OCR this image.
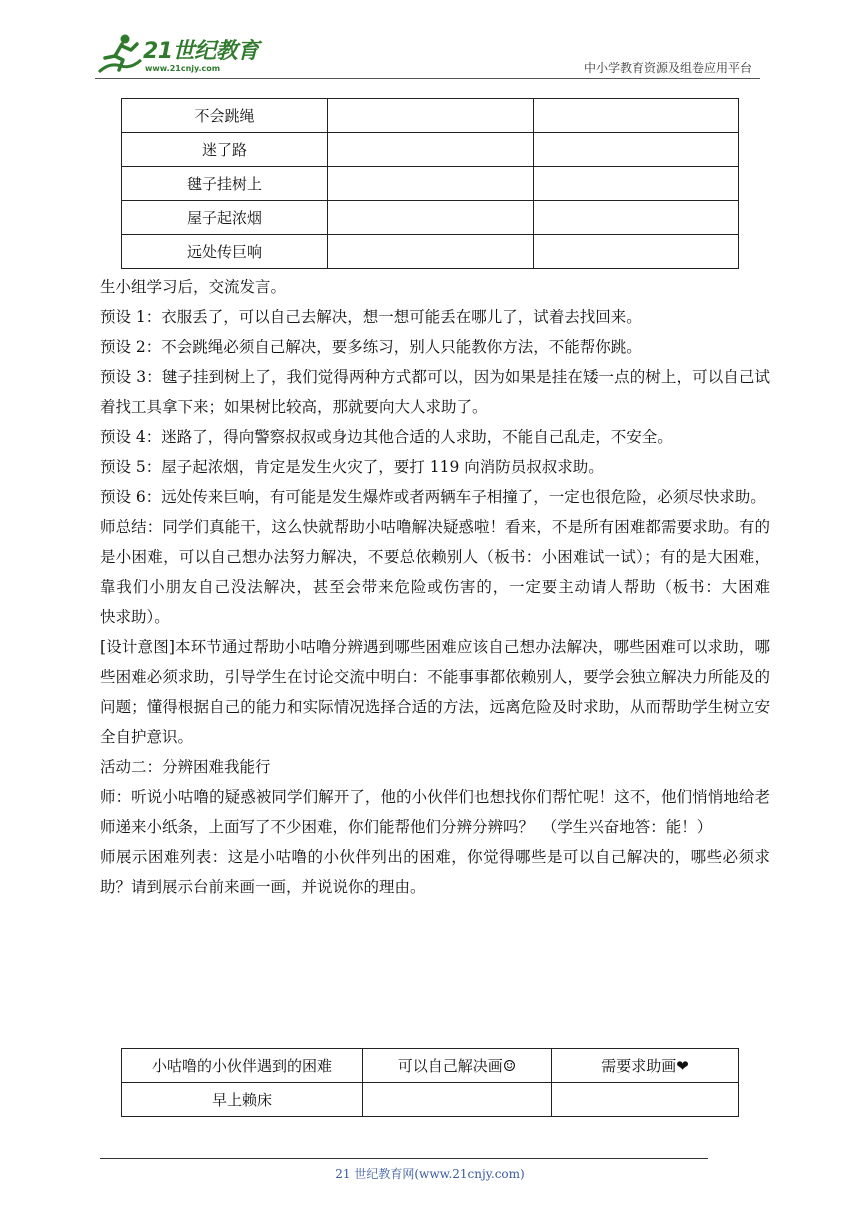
21世纪教育
www.21cnjy.com	中小学教育资源及组卷应用平台
不会跳绳		
迷了路		
毽子挂树上		
屋子起浓烟		
远处传巨响		

生小组学习后，交流发言。

预设 1：衣服丢了，可以自己去解决，想一想可能丢在哪儿了，试着去找回来。

预设 2：不会跳绳必须自己解决，要多练习，别人只能教你方法，不能帮你跳。

预设 3：毽子挂到树上了，我们觉得两种方式都可以，因为如果是挂在矮一点的树上，可以自己试着找工具拿下来；如果树比较高，那就要向大人求助了。

预设 4：迷路了，得向警察叔叔或身边其他合适的人求助，不能自己乱走，不安全。

预设 5：屋子起浓烟，肯定是发生火灾了，要打 119 向消防员叔叔求助。

预设 6：远处传来巨响，有可能是发生爆炸或者两辆车子相撞了，一定也很危险，必须尽快求助。

师总结：同学们真能干，这么快就帮助小咕噜解决疑惑啦！看来，不是所有困难都需要求助。有的是小困难，可以自己想办法努力解决，不要总依赖别人（板书：小困难试一试）；有的是大困难，靠我们小朋友自己没法解决，甚至会带来危险或伤害的，一定要主动请人帮助（板书：大困难　 快求助）。

[设计意图]本环节通过帮助小咕噜分辨遇到哪些困难应该自己想办法解决，哪些困难可以求助，哪些困难必须求助，引导学生在讨论交流中明白：不能事事都依赖别人，要学会独立解决力所能及的问题；懂得根据自己的能力和实际情况选择合适的方法，远离危险及时求助，从而帮助学生树立安全自护意识。

活动二：分辨困难我能行

师：听说小咕噜的疑惑被同学们解开了，他的小伙伴们也想找你们帮忙呢！这不，他们悄悄地给老师递来小纸条，上面写了不少困难，你们能帮他们分辨分辨吗？　（学生兴奋地答：能！）

师展示困难列表：这是小咕噜的小伙伴列出的困难，你觉得哪些是可以自己解决的，哪些必须求助？请到展示台前来画一画，并说说你的理由。

小咕噜的小伙伴遇到的困难	可以自己解决画☺	需要求助画❤
早上赖床		
21 世纪教育网(www.21cnjy.com)
